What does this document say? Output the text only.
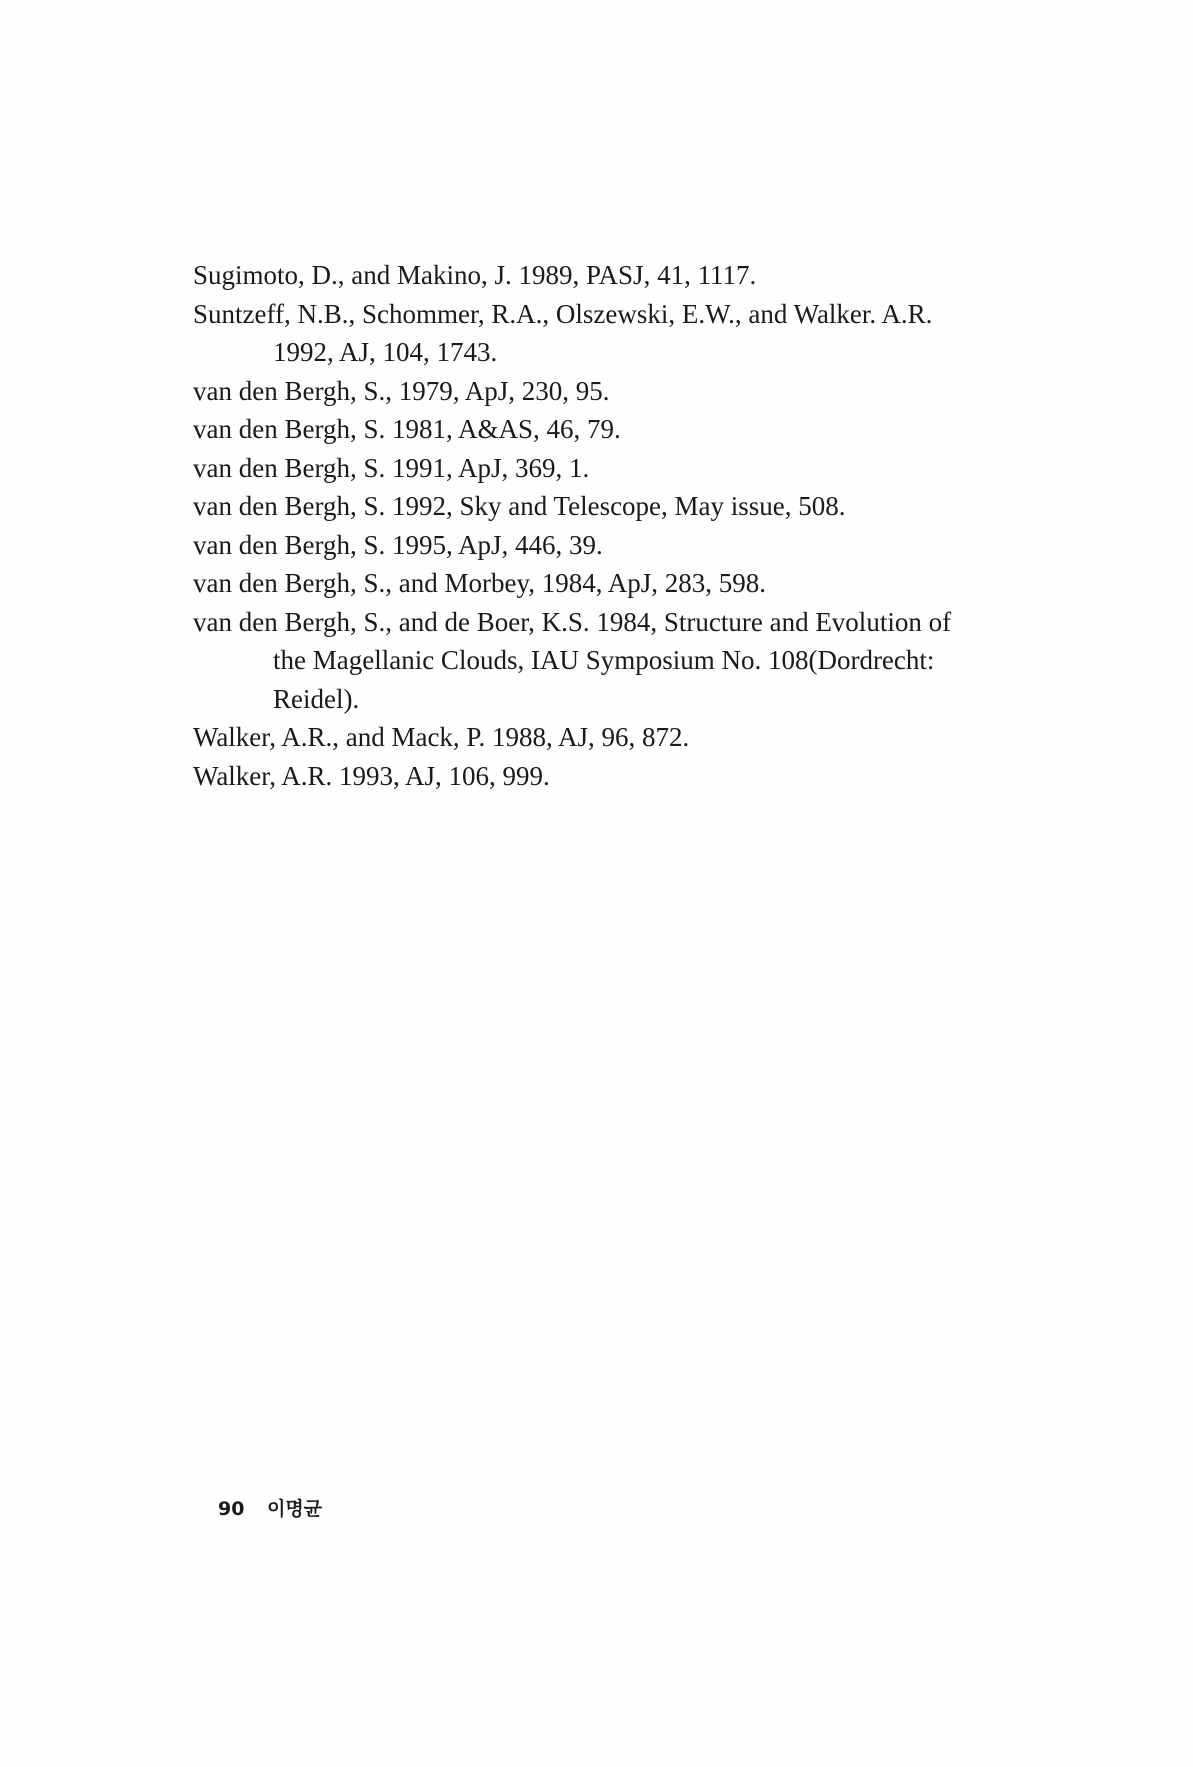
Sugimoto, D., and Makino, J. 1989, PASJ, 41, 1117.
Suntzeff, N.B., Schommer, R.A., Olszewski, E.W., and Walker. A.R.
1992, AJ, 104, 1743.
van den Bergh, S., 1979, ApJ, 230, 95.
van den Bergh, S. 1981, A&AS, 46, 79.
van den Bergh, S. 1991, ApJ, 369, 1.
van den Bergh, S. 1992, Sky and Telescope, May issue, 508.
van den Bergh, S. 1995, ApJ, 446, 39.
van den Bergh, S., and Morbey, 1984, ApJ, 283, 598.
van den Bergh, S., and de Boer, K.S. 1984, Structure and Evolution of
the Magellanic Clouds, IAU Symposium No. 108(Dordrecht:
Reidel).
Walker, A.R., and Mack, P. 1988, AJ, 96, 872.
Walker, A.R. 1993, AJ, 106, 999.
90 이명균
